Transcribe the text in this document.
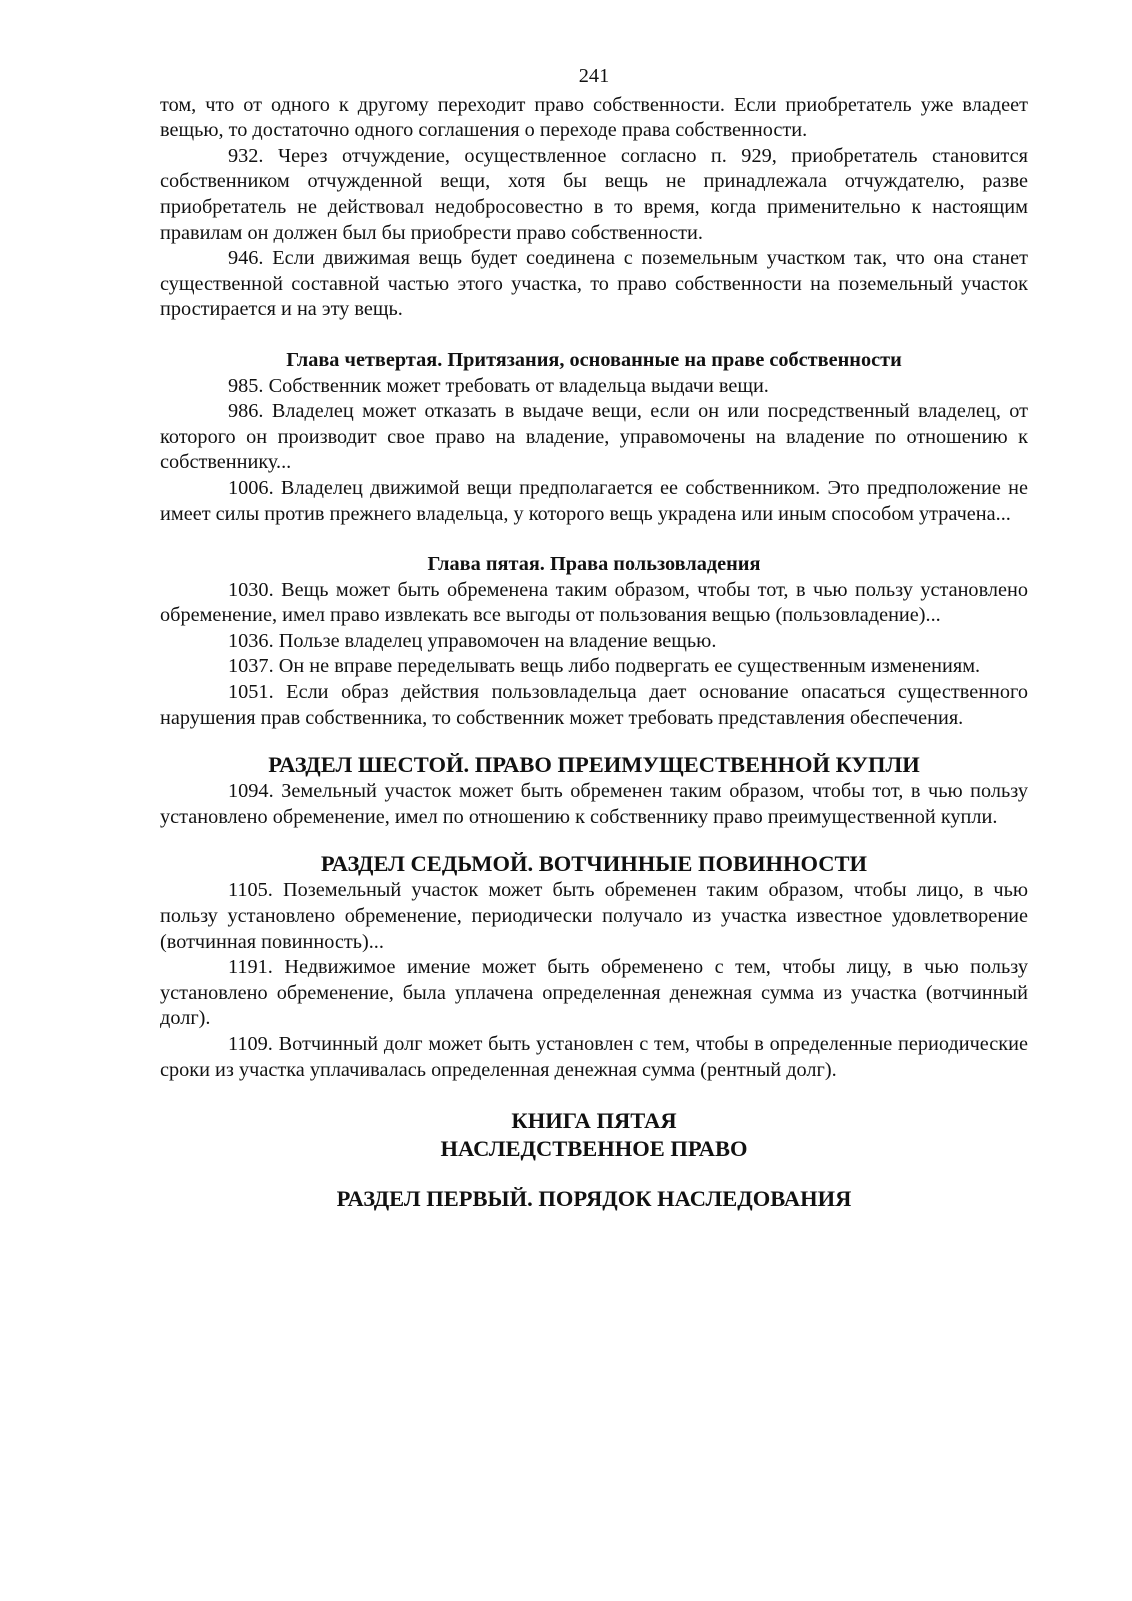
241

том, что от одного к другому переходит право собственности. Если приобретатель уже владеет вещью, то достаточно одного соглашения о переходе права собственности.

932. Через отчуждение, осуществленное согласно п. 929, приобретатель становится собственником отчужденной вещи, хотя бы вещь не принадлежала отчуждателю, разве приобретатель не действовал недобросовестно в то время, когда применительно к настоящим правилам он должен был бы приобрести право собственности.

946. Если движимая вещь будет соединена с поземельным участком так, что она станет существенной составной частью этого участка, то право собственности на поземельный участок простирается и на эту вещь.

Глава четвертая. Притязания, основанные на праве собственности

985. Собственник может требовать от владельца выдачи вещи.

986. Владелец может отказать в выдаче вещи, если он или посредственный владелец, от которого он производит свое право на владение, управомочены на владение по отношению к собственнику...

1006. Владелец движимой вещи предполагается ее собственником. Это предположение не имеет силы против прежнего владельца, у которого вещь украдена или иным способом утрачена...

Глава пятая. Права пользовладения

1030. Вещь может быть обременена таким образом, чтобы тот, в чью пользу установлено обременение, имел право извлекать все выгоды от пользования вещью (пользовладение)...

1036. Пользе владелец управомочен на владение вещью.

1037. Он не вправе переделывать вещь либо подвергать ее существенным изменениям.

1051. Если образ действия пользовладельца дает основание опасаться существенного нарушения прав собственника, то собственник может требовать представления обеспечения.

РАЗДЕЛ ШЕСТОЙ. ПРАВО ПРЕИМУЩЕСТВЕННОЙ КУПЛИ

1094. Земельный участок может быть обременен таким образом, чтобы тот, в чью пользу установлено обременение, имел по отношению к собственнику право преимущественной купли.

РАЗДЕЛ СЕДЬМОЙ. ВОТЧИННЫЕ ПОВИННОСТИ

1105. Поземельный участок может быть обременен таким образом, чтобы лицо, в чью пользу установлено обременение, периодически получало из участка известное удовлетворение (вотчинная повинность)...

1191. Недвижимое имение может быть обременено с тем, чтобы лицу, в чью пользу установлено обременение, была уплачена определенная денежная сумма из участка (вотчинный долг).

1109. Вотчинный долг может быть установлен с тем, чтобы в определенные периодические сроки из участка уплачивалась определенная денежная сумма (рентный долг).

КНИГА ПЯТАЯ
НАСЛЕДСТВЕННОЕ ПРАВО
РАЗДЕЛ ПЕРВЫЙ. ПОРЯДОК НАСЛЕДОВАНИЯ
